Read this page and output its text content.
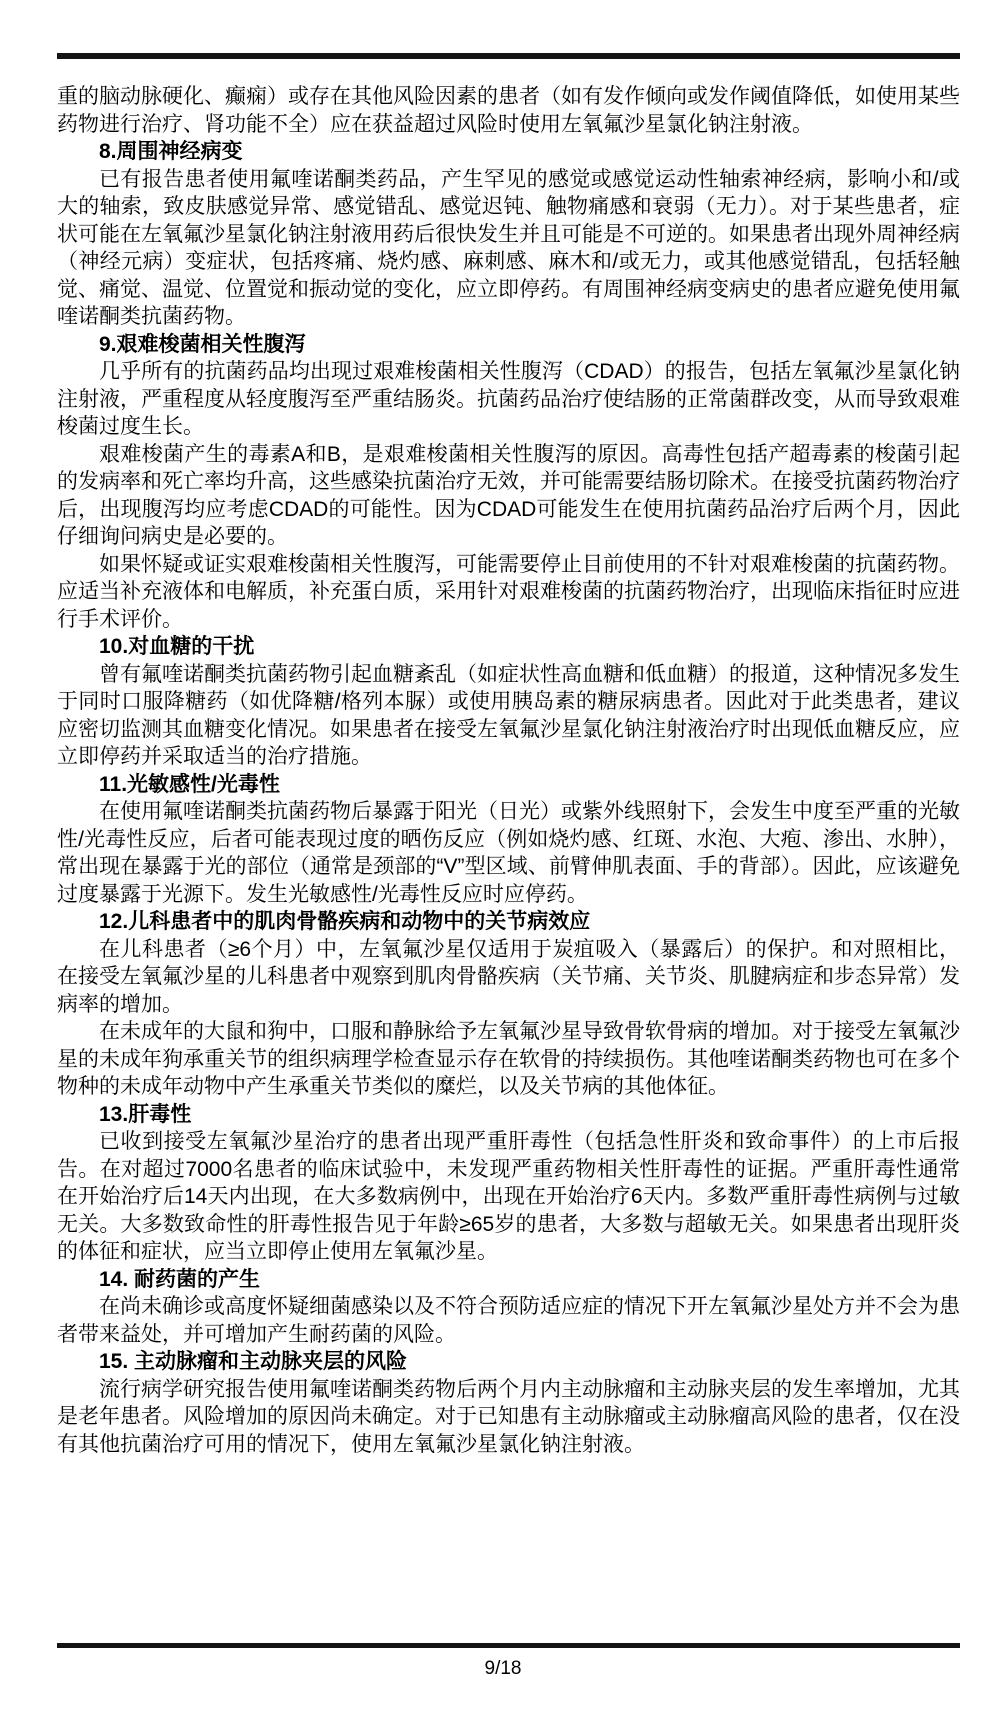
重的脑动脉硬化、癫痫）或存在其他风险因素的患者（如有发作倾向或发作阈值降低，如使用某些药物进行治疗、肾功能不全）应在获益超过风险时使用左氧氟沙星氯化钠注射液。
8.周围神经病变
已有报告患者使用氟喹诺酮类药品，产生罕见的感觉或感觉运动性轴索神经病，影响小和/或大的轴索，致皮肤感觉异常、感觉错乱、感觉迟钝、触物痛感和衰弱（无力）。对于某些患者，症状可能在左氧氟沙星氯化钠注射液用药后很快发生并且可能是不可逆的。如果患者出现外周神经病（神经元病）变症状，包括疼痛、烧灼感、麻刺感、麻木和/或无力，或其他感觉错乱，包括轻触觉、痛觉、温觉、位置觉和振动觉的变化，应立即停药。有周围神经病变病史的患者应避免使用氟喹诺酮类抗菌药物。
9.艰难梭菌相关性腹泻
几乎所有的抗菌药品均出现过艰难梭菌相关性腹泻（CDAD）的报告，包括左氧氟沙星氯化钠注射液，严重程度从轻度腹泻至严重结肠炎。抗菌药品治疗使结肠的正常菌群改变，从而导致艰难梭菌过度生长。
艰难梭菌产生的毒素A和B，是艰难梭菌相关性腹泻的原因。高毒性包括产超毒素的梭菌引起的发病率和死亡率均升高，这些感染抗菌治疗无效，并可能需要结肠切除术。在接受抗菌药物治疗后，出现腹泻均应考虑CDAD的可能性。因为CDAD可能发生在使用抗菌药品治疗后两个月，因此仔细询问病史是必要的。
如果怀疑或证实艰难梭菌相关性腹泻，可能需要停止目前使用的不针对艰难梭菌的抗菌药物。应适当补充液体和电解质，补充蛋白质，采用针对艰难梭菌的抗菌药物治疗，出现临床指征时应进行手术评价。
10.对血糖的干扰
曾有氟喹诺酮类抗菌药物引起血糖紊乱（如症状性高血糖和低血糖）的报道，这种情况多发生于同时口服降糖药（如优降糖/格列本脲）或使用胰岛素的糖尿病患者。因此对于此类患者，建议应密切监测其血糖变化情况。如果患者在接受左氧氟沙星氯化钠注射液治疗时出现低血糖反应，应立即停药并采取适当的治疗措施。
11.光敏感性/光毒性
在使用氟喹诺酮类抗菌药物后暴露于阳光（日光）或紫外线照射下，会发生中度至严重的光敏性/光毒性反应，后者可能表现过度的晒伤反应（例如烧灼感、红斑、水泡、大疱、渗出、水肿），常出现在暴露于光的部位（通常是颈部的“V”型区域、前臂伸肌表面、手的背部）。因此，应该避免过度暴露于光源下。发生光敏感性/光毒性反应时应停药。
12.儿科患者中的肌肉骨骼疾病和动物中的关节病效应
在儿科患者（≥6个月）中，左氧氟沙星仅适用于炭疽吸入（暴露后）的保护。和对照相比，在接受左氧氟沙星的儿科患者中观察到肌肉骨骼疾病（关节痛、关节炎、肌腱病症和步态异常）发病率的增加。
在未成年的大鼠和狗中，口服和静脉给予左氧氟沙星导致骨软骨病的增加。对于接受左氧氟沙星的未成年狗承重关节的组织病理学检查显示存在软骨的持续损伤。其他喹诺酮类药物也可在多个物种的未成年动物中产生承重关节类似的糜烂，以及关节病的其他体征。
13.肝毒性
已收到接受左氧氟沙星治疗的患者出现严重肝毒性（包括急性肝炎和致命事件）的上市后报告。在对超过7000名患者的临床试验中，未发现严重药物相关性肝毒性的证据。严重肝毒性通常在开始治疗后14天内出现，在大多数病例中，出现在开始治疗6天内。多数严重肝毒性病例与过敏无关。大多数致命性的肝毒性报告见于年龄≥65岁的患者，大多数与超敏无关。如果患者出现肝炎的体征和症状，应当立即停止使用左氧氟沙星。
14. 耐药菌的产生
在尚未确诊或高度怀疑细菌感染以及不符合预防适应症的情况下开左氧氟沙星处方并不会为患者带来益处，并可增加产生耐药菌的风险。
15. 主动脉瘤和主动脉夹层的风险
流行病学研究报告使用氟喹诺酮类药物后两个月内主动脉瘤和主动脉夹层的发生率增加，尤其是老年患者。风险增加的原因尚未确定。对于已知患有主动脉瘤或主动脉瘤高风险的患者，仅在没有其他抗菌治疗可用的情况下，使用左氧氟沙星氯化钠注射液。
9/18
